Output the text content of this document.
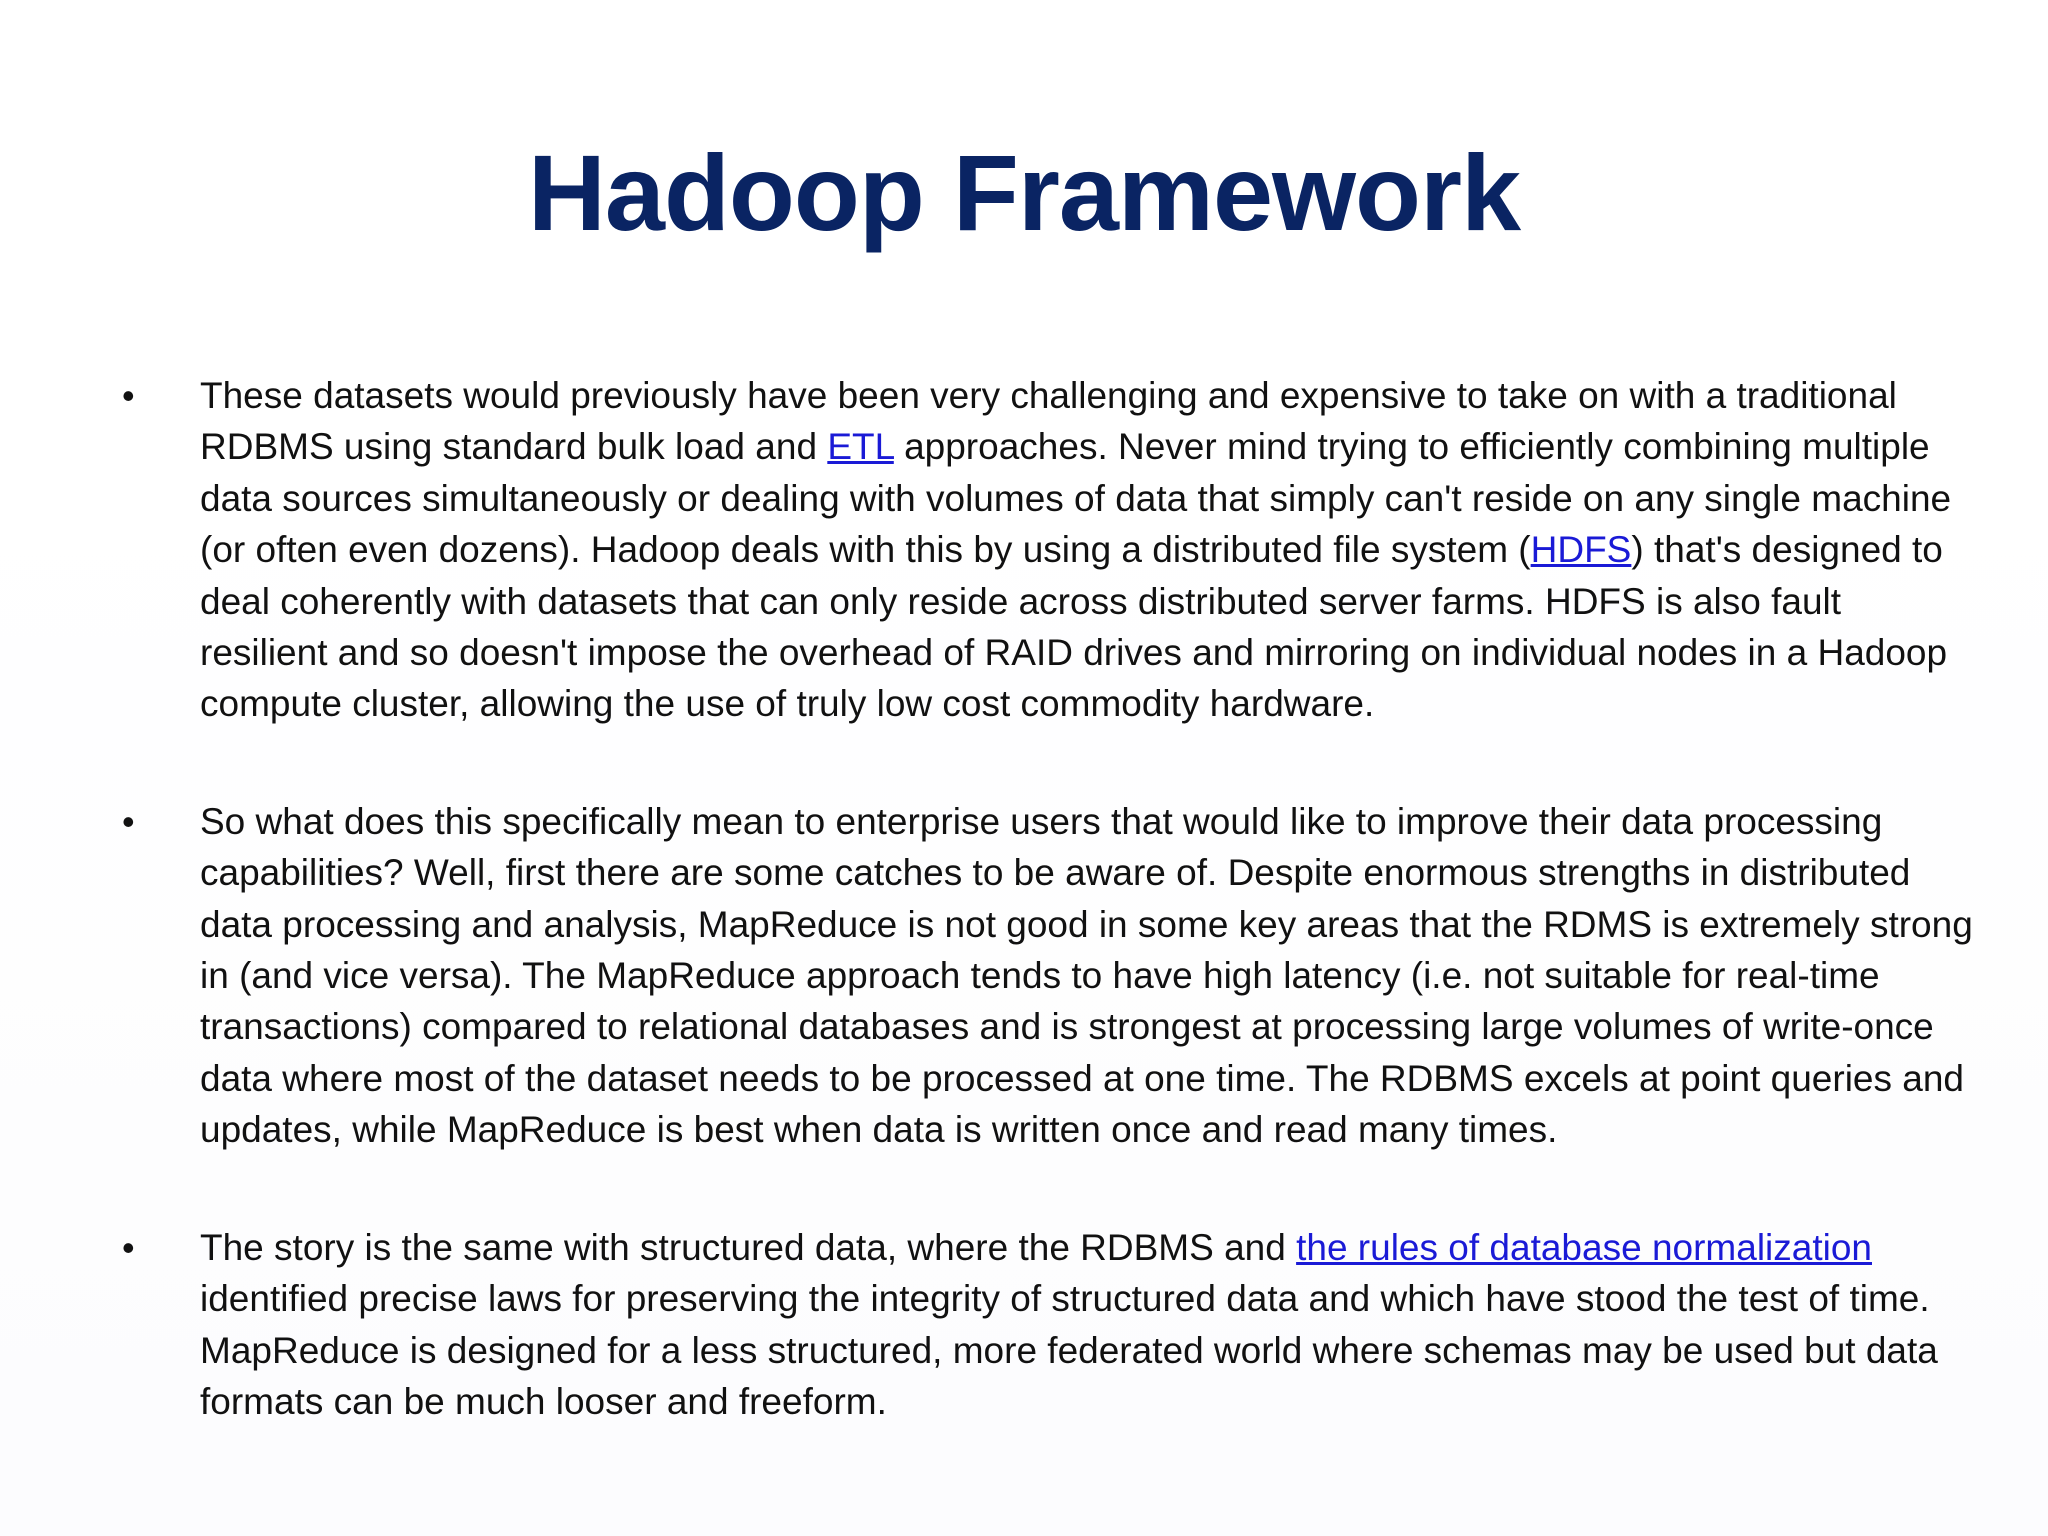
Hadoop Framework
• These datasets would previously have been very challenging and expensive to take on with a traditional RDBMS using standard bulk load and ETL approaches. Never mind trying to efficiently combining multiple data sources simultaneously or dealing with volumes of data that simply can't reside on any single machine (or often even dozens). Hadoop deals with this by using a distributed file system (HDFS) that's designed to deal coherently with datasets that can only reside across distributed server farms. HDFS is also fault resilient and so doesn't impose the overhead of RAID drives and mirroring on individual nodes in a Hadoop compute cluster, allowing the use of truly low cost commodity hardware.
• So what does this specifically mean to enterprise users that would like to improve their data processing capabilities? Well, first there are some catches to be aware of. Despite enormous strengths in distributed data processing and analysis, MapReduce is not good in some key areas that the RDMS is extremely strong in (and vice versa). The MapReduce approach tends to have high latency (i.e. not suitable for real-time transactions) compared to relational databases and is strongest at processing large volumes of write-once data where most of the dataset needs to be processed at one time. The RDBMS excels at point queries and updates, while MapReduce is best when data is written once and read many times.
• The story is the same with structured data, where the RDBMS and the rules of database normalization identified precise laws for preserving the integrity of structured data and which have stood the test of time. MapReduce is designed for a less structured, more federated world where schemas may be used but data formats can be much looser and freeform.
